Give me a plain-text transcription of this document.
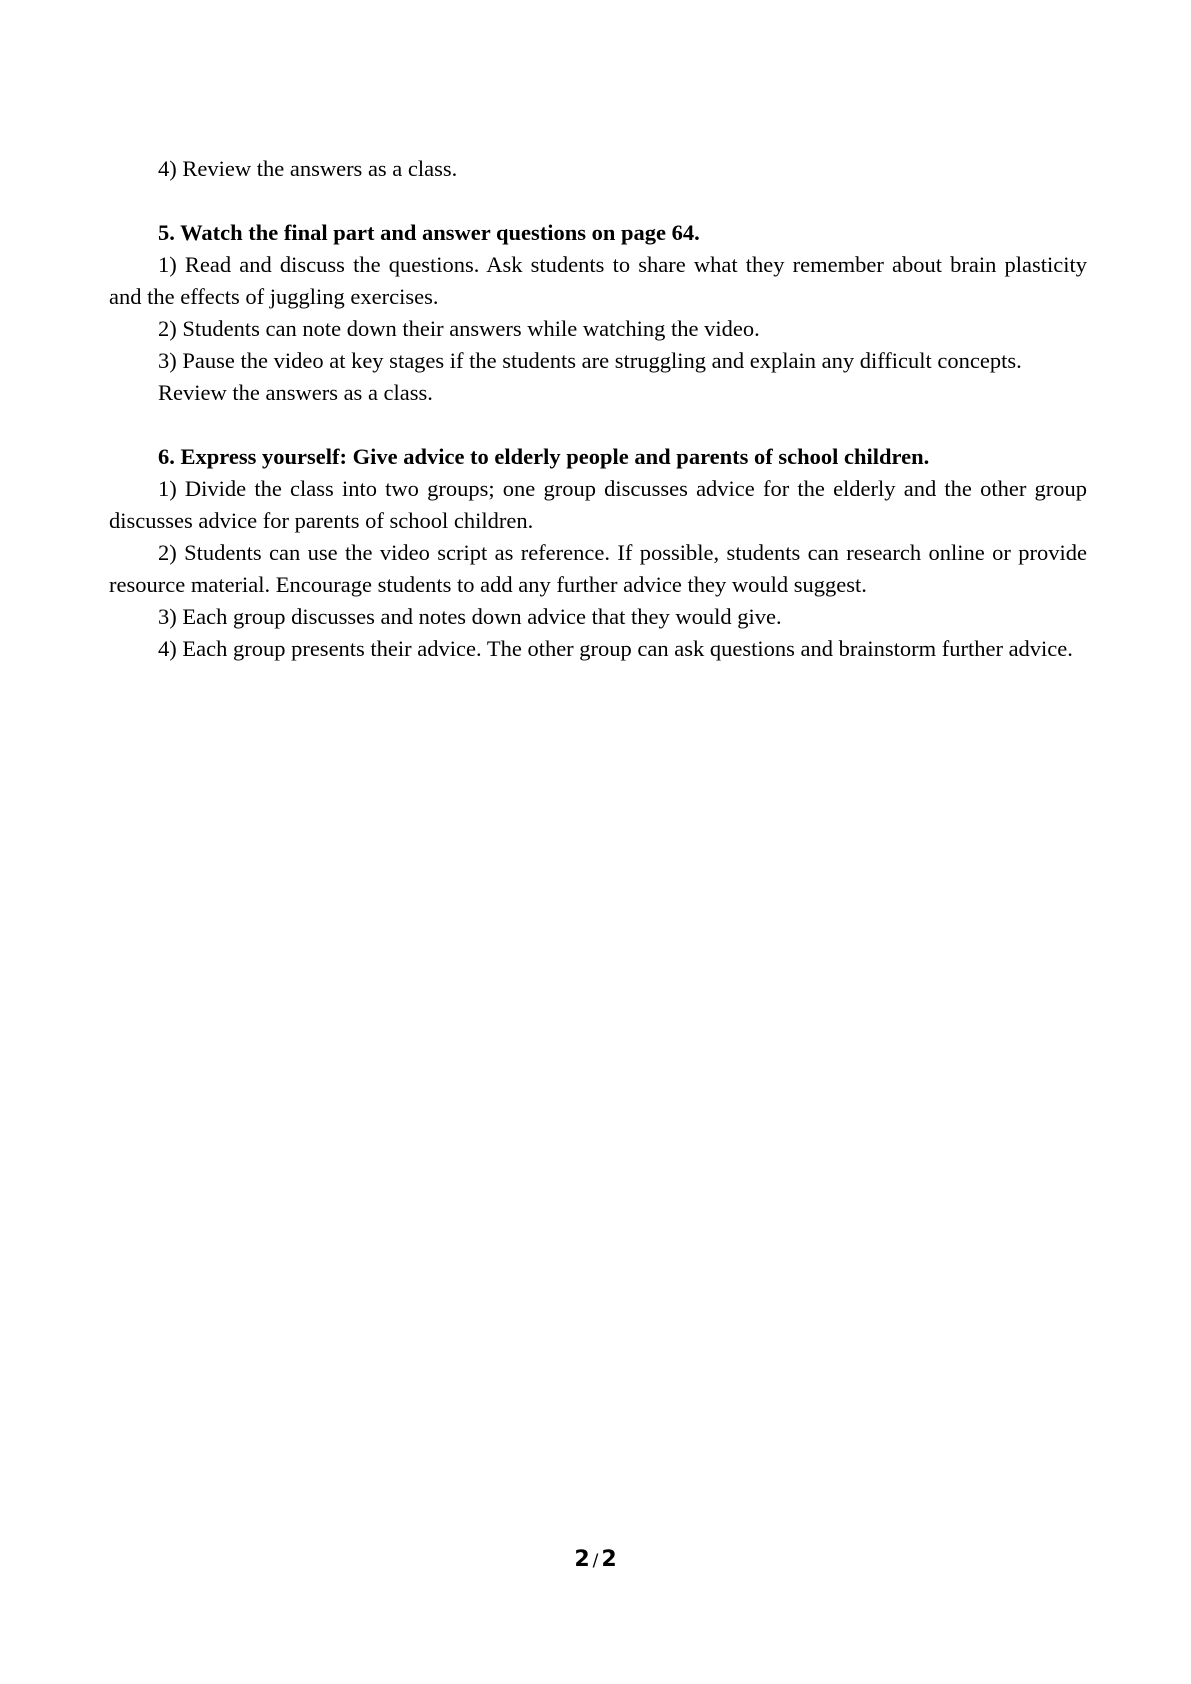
4) Review the answers as a class.

5. Watch the final part and answer questions on page 64.

1) Read and discuss the questions. Ask students to share what they remember about brain plasticity and the effects of juggling exercises.

2) Students can note down their answers while watching the video.

3) Pause the video at key stages if the students are struggling and explain any difficult concepts.

Review the answers as a class.

6. Express yourself: Give advice to elderly people and parents of school children.

1) Divide the class into two groups; one group discusses advice for the elderly and the other group discusses advice for parents of school children.

2) Students can use the video script as reference. If possible, students can research online or provide resource material. Encourage students to add any further advice they would suggest.

3) Each group discusses and notes down advice that they would give.

4) Each group presents their advice. The other group can ask questions and brainstorm further advice.

2 / 2
